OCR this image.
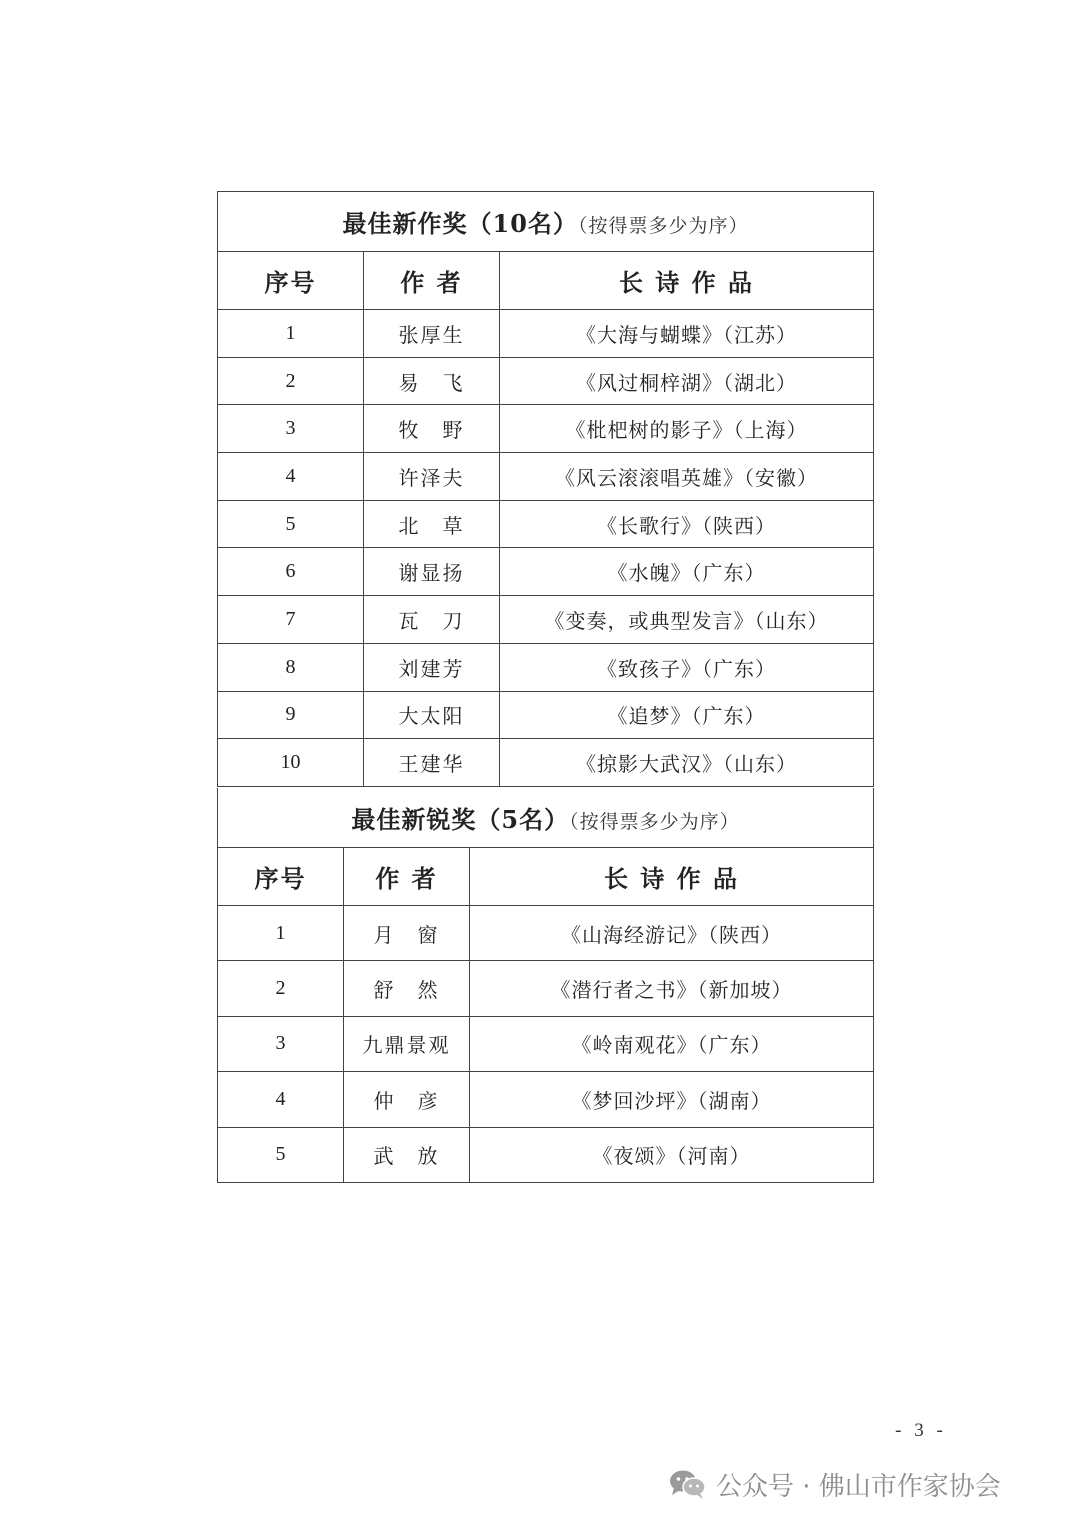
最佳新作奖（10名）（按得票多少为序）		
序号	作 者	长 诗 作 品
1	张厚生	《大海与蝴蝶》（江苏）
2	易　飞	《风过桐梓湖》（湖北）
3	牧　野	《枇杷树的影子》（上海）
4	许泽夫	《风云滚滚唱英雄》（安徽）
5	北　草	《长歌行》（陕西）
6	谢显扬	《水魄》（广东）
7	瓦　刀	《变奏，或典型发言》（山东）
8	刘建芳	《致孩子》（广东）
9	大太阳	《追梦》（广东）
10	王建华	《掠影大武汉》（山东）
最佳新锐奖（5名）（按得票多少为序）		
序号	作 者	长 诗 作 品
1	月　窗	《山海经游记》（陕西）
2	舒　然	《潜行者之书》（新加坡）
3	九鼎景观	《岭南观花》（广东）
4	仲　彦	《梦回沙坪》（湖南）
5	武　放	《夜颂》（河南）
- 3 -
公众号 · 佛山市作家协会
